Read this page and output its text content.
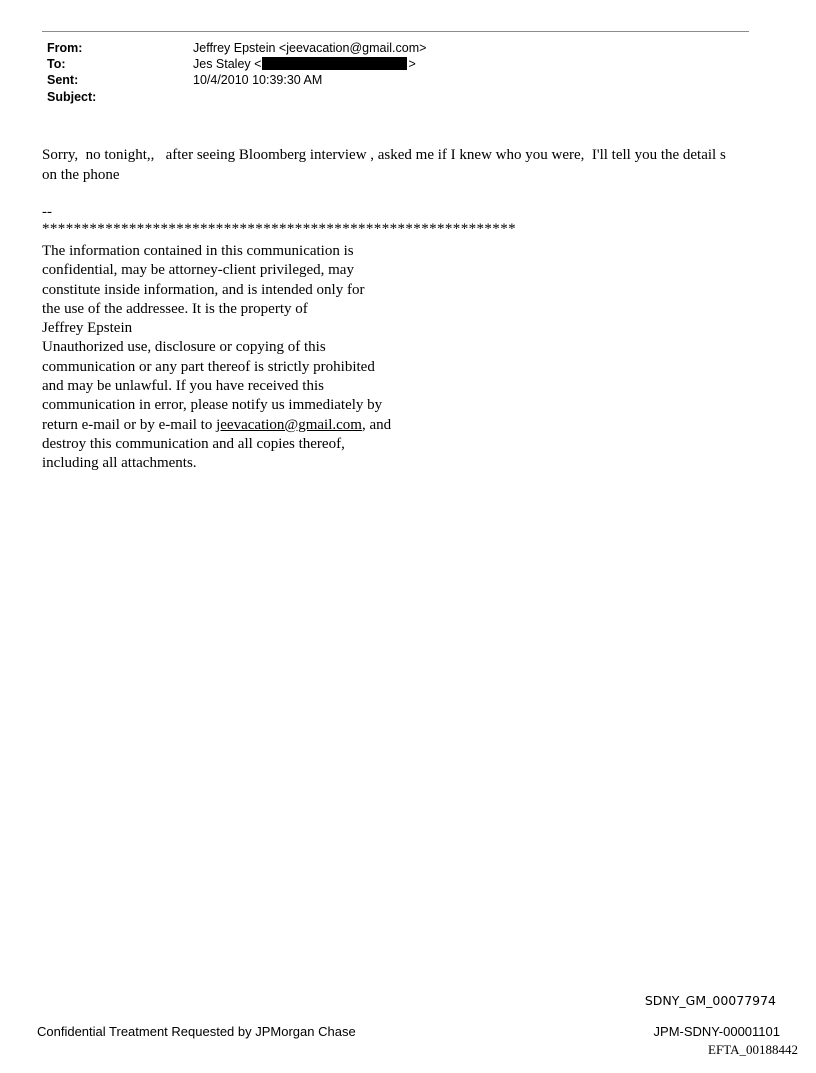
From:	Jeffrey Epstein <jeevacation@gmail.com>
To:	Jes Staley <	>
Sent:	10/4/2010 10:39:30 AM
Subject:
Sorry,  no tonight,,   after seeing Bloomberg interview , asked me if I knew who you were,  I'll tell you the detail s
on the phone
--
************************************************************
The information contained in this communication is
confidential, may be attorney-client privileged, may
constitute inside information, and is intended only for
the use of the addressee. It is the property of
Jeffrey Epstein
Unauthorized use, disclosure or copying of this
communication or any part thereof is strictly prohibited
and may be unlawful. If you have received this
communication in error, please notify us immediately by
return e-mail or by e-mail to jeevacation@gmail.com, and
destroy this communication and all copies thereof,
including all attachments.
SDNY_GM_00077974
Confidential Treatment Requested by JPMorgan Chase	JPM-SDNY-00001101
EFTA_00188442
